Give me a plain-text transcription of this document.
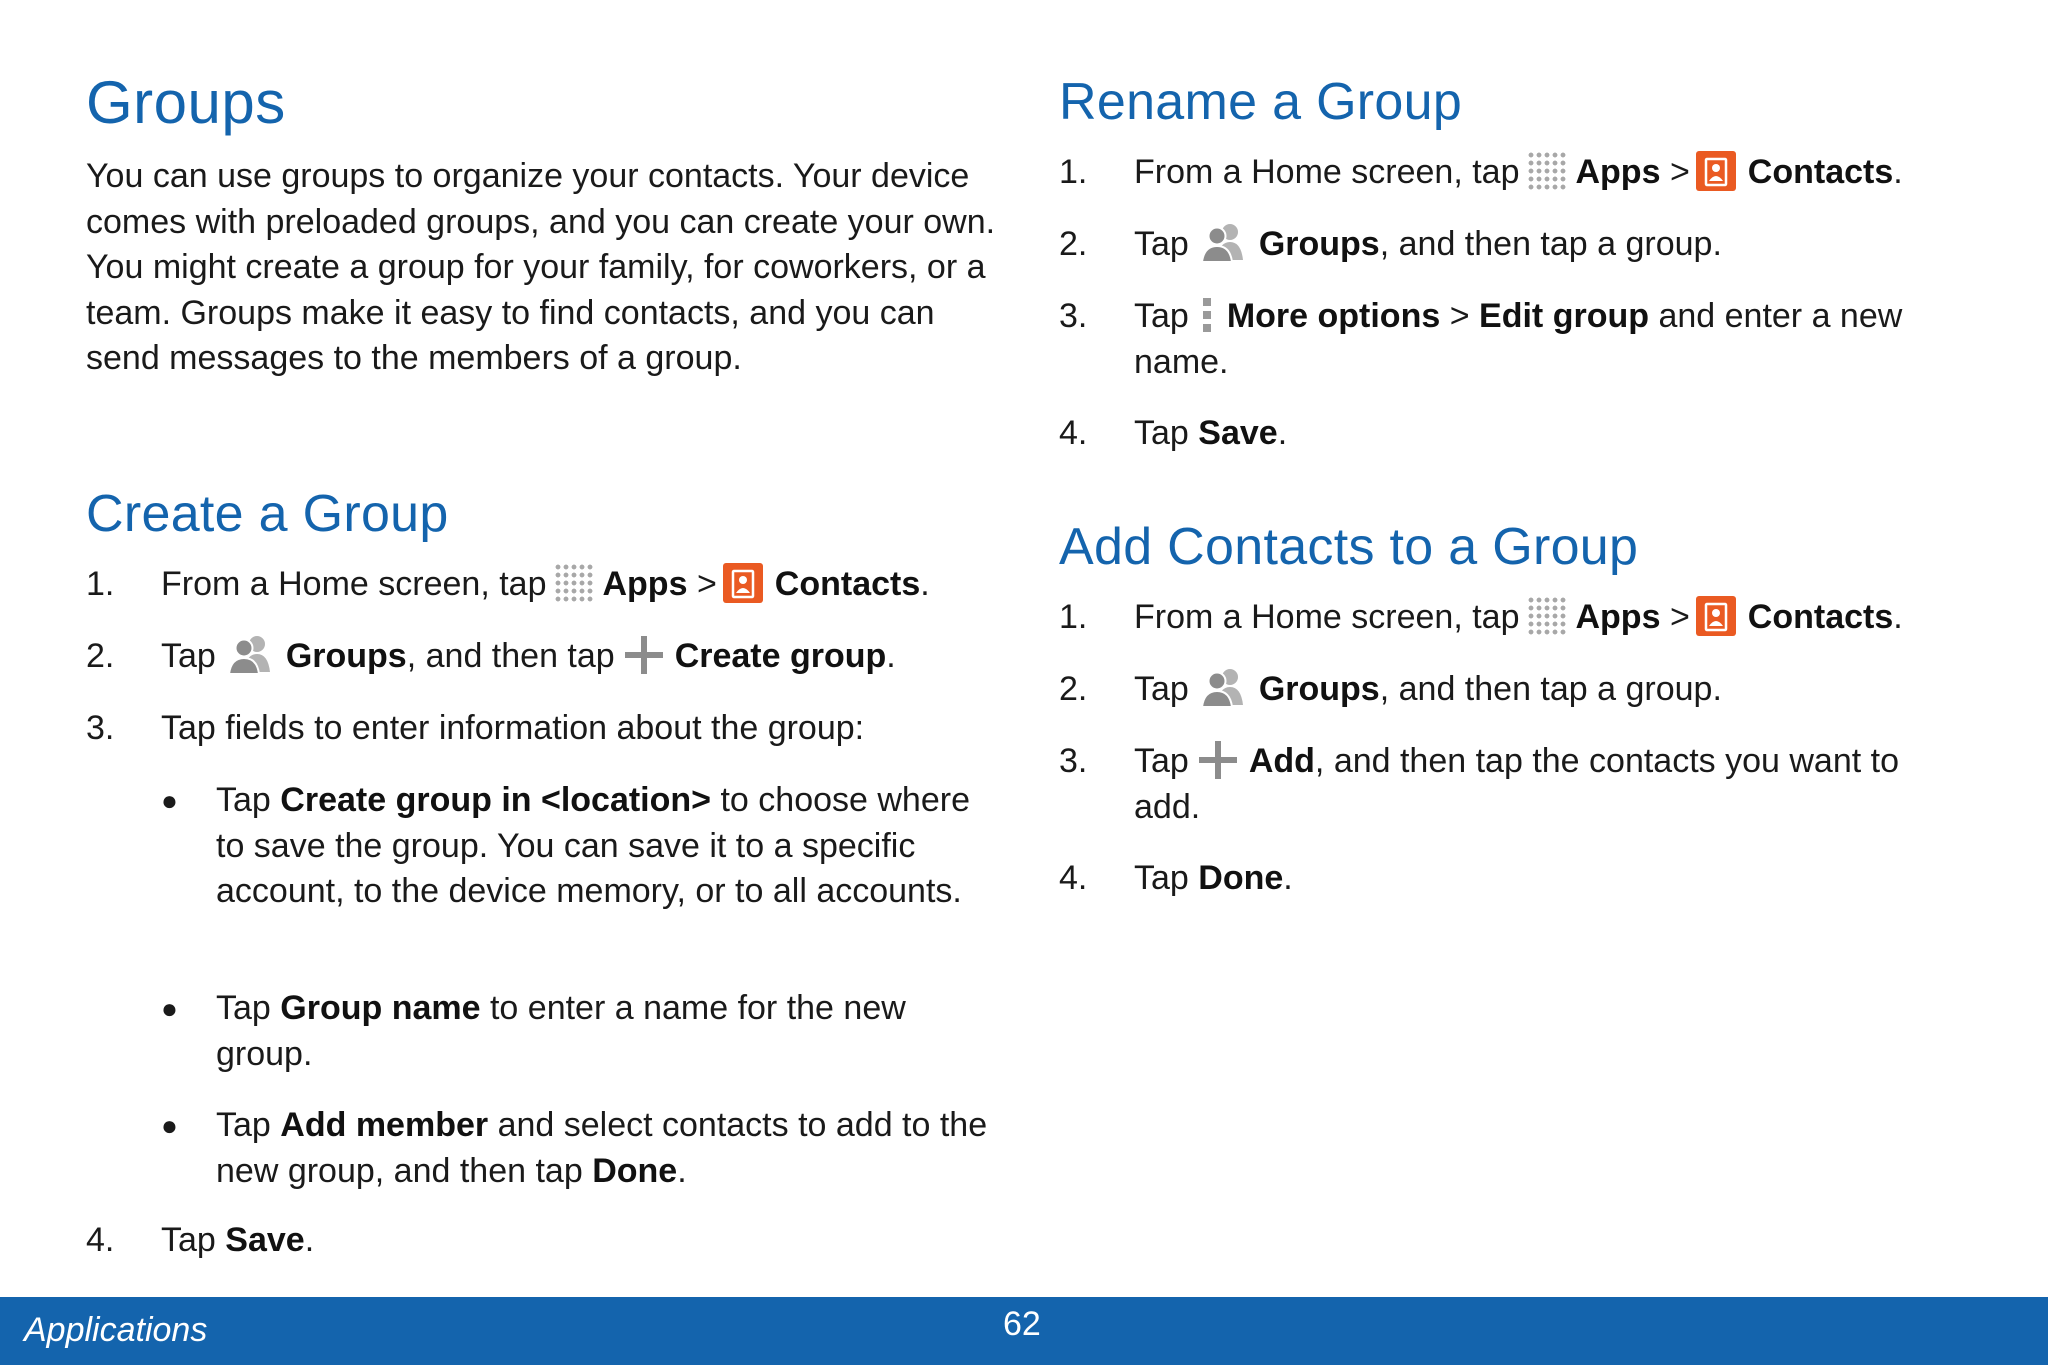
Groups

You can use groups to organize your contacts. Your device comes with preloaded groups, and you can create your own. You might create a group for your family, for coworkers, or a team. Groups make it easy to find contacts, and you can send messages to the members of a group.

Create a Group
1. From a Home screen, tap Apps > Contacts.
2. Tap Groups, and then tap Create group.
3. Tap fields to enter information about the group:
● Tap Create group in <location> to choose where to save the group. You can save it to a specific account, to the device memory, or to all accounts.
● Tap Group name to enter a name for the new group.
● Tap Add member and select contacts to add to the new group, and then tap Done.
4. Tap Save.
Rename a Group
1. From a Home screen, tap Apps > Contacts.
2. Tap Groups, and then tap a group.
3. Tap More options > Edit group and enter a new name.
4. Tap Save.
Add Contacts to a Group
1. From a Home screen, tap Apps > Contacts.
2. Tap Groups, and then tap a group.
3. Tap Add, and then tap the contacts you want to add.
4. Tap Done.
Applications	62
